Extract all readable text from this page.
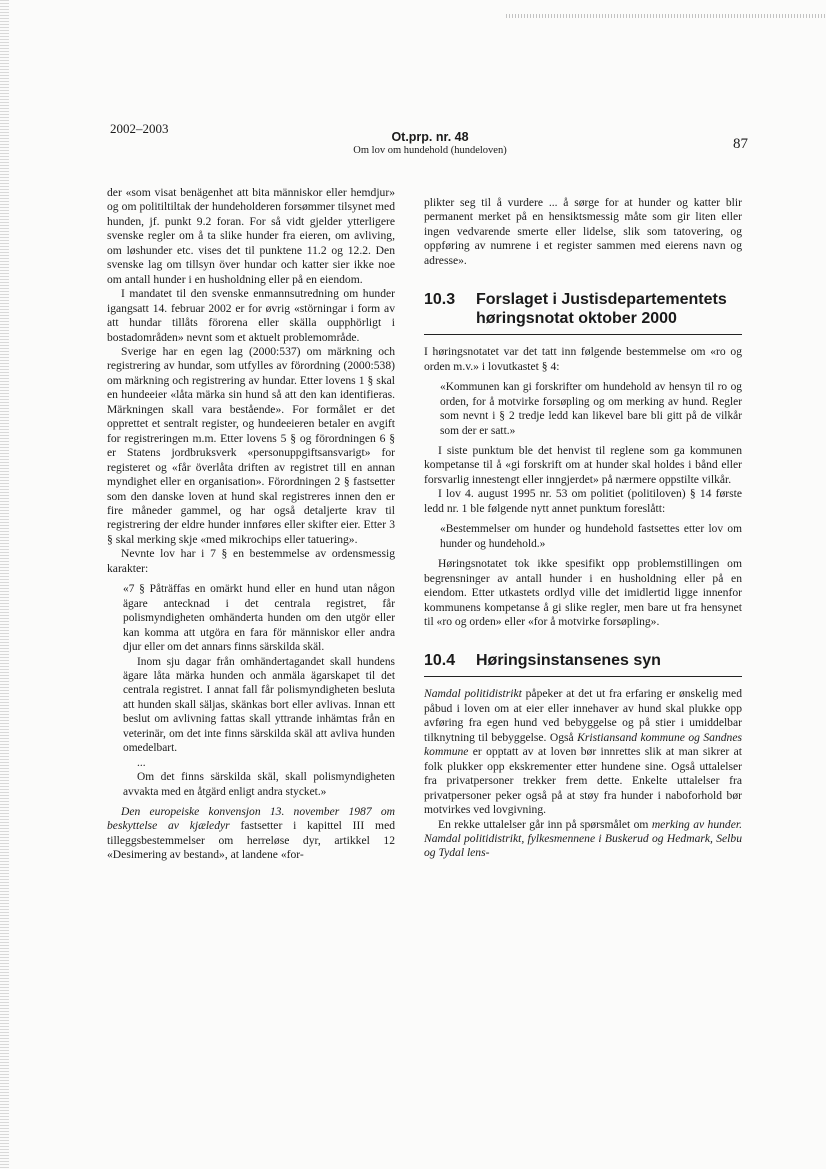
2002–2003
Ot.prp. nr. 48
Om lov om hundehold (hundeloven)	87

der «som visat benägenhet att bita människor eller hemdjur» og om politiltiltak der hundeholderen forsømmer tilsynet med hunden, jf. punkt 9.2 foran. For så vidt gjelder ytterligere svenske regler om å ta slike hunder fra eieren, om avliving, om løshunder etc. vises det til punktene 11.2 og 12.2. Den svenske lag om tillsyn över hundar och katter sier ikke noe om antall hunder i en husholdning eller på en eiendom.

I mandatet til den svenske enmannsutredning om hunder igangsatt 14. februar 2002 er for øvrig «störningar i form av att hundar tillåts förorena eller skälla oupphörligt i bostadområden» nevnt som et aktuelt problemområde.

Sverige har en egen lag (2000:537) om märkning och registrering av hundar, som utfylles av förordning (2000:538) om märkning och registrering av hundar. Etter lovens 1 § skal en hundeeier «låta märka sin hund så att den kan identifieras. Märkningen skall vara bestående». For formålet er det opprettet et sentralt register, og hundeeieren betaler en avgift for registreringen m.m. Etter lovens 5 § og förordningen 6 § er Statens jordbruksverk «personuppgiftsansvarigt» for registeret og «får överlåta driften av registret till en annan myndighet eller en organisation». Förordningen 2 § fastsetter som den danske loven at hund skal registreres innen den er fire måneder gammel, og har også detaljerte krav til registrering der eldre hunder innføres eller skifter eier. Etter 3 § skal merking skje «med mikrochips eller tatuering».

Nevnte lov har i 7 § en bestemmelse av ordensmessig karakter:

«7 § Påträffas en omärkt hund eller en hund utan någon ägare antecknad i det centrala registret, får polismyndigheten omhänderta hunden om den utgör eller kan komma att utgöra en fara för människor eller andra djur eller om det annars finns särskilda skäl.

Inom sju dagar från omhändertagandet skall hundens ägare låta märka hunden och anmäla ägarskapet til det centrala registret. I annat fall får polismyndigheten besluta att hunden skall säljas, skänkas bort eller avlivas. Innan ett beslut om avlivning fattas skall yttrande inhämtas från en veterinär, om det inte finns särskilda skäl att avliva hunden omedelbart.

...

Om det finns särskilda skäl, skall polismyndigheten avvakta med en åtgärd enligt andra stycket.»

Den europeiske konvensjon 13. november 1987 om beskyttelse av kjæledyr fastsetter i kapittel III med tilleggsbestemmelser om herreløse dyr, artikkel 12 «Desimering av bestand», at landene «for-

plikter seg til å vurdere ... å sørge for at hunder og katter blir permanent merket på en hensiktsmessig måte som gir liten eller ingen vedvarende smerte eller lidelse, slik som tatovering, og oppføring av numrene i et register sammen med eierens navn og adresse».

10.3 Forslaget i Justisdepartementets høringsnotat oktober 2000

I høringsnotatet var det tatt inn følgende bestemmelse om «ro og orden m.v.» i lovutkastet § 4:

«Kommunen kan gi forskrifter om hundehold av hensyn til ro og orden, for å motvirke forsøpling og om merking av hund. Regler som nevnt i § 2 tredje ledd kan likevel bare bli gitt på de vilkår som der er satt.»

I siste punktum ble det henvist til reglene som ga kommunen kompetanse til å «gi forskrift om at hunder skal holdes i bånd eller forsvarlig innestengt eller inngjerdet» på nærmere oppstilte vilkår.

I lov 4. august 1995 nr. 53 om politiet (politiloven) § 14 første ledd nr. 1 ble følgende nytt annet punktum foreslått:

«Bestemmelser om hunder og hundehold fastsettes etter lov om hunder og hundehold.»

Høringsnotatet tok ikke spesifikt opp problemstillingen om begrensninger av antall hunder i en husholdning eller på en eiendom. Etter utkastets ordlyd ville det imidlertid ligge innenfor kommunens kompetanse å gi slike regler, men bare ut fra hensynet til «ro og orden» eller «for å motvirke forsøpling».

10.4 Høringsinstansenes syn

Namdal politidistrikt påpeker at det ut fra erfaring er ønskelig med påbud i loven om at eier eller innehaver av hund skal plukke opp avføring fra egen hund ved bebyggelse og på stier i umiddelbar tilknytning til bebyggelse. Også Kristiansand kommune og Sandnes kommune er opptatt av at loven bør innrettes slik at man sikrer at folk plukker opp ekskrementer etter hundene sine. Også uttalelser fra privatpersoner trekker frem dette. Enkelte uttalelser fra privatpersoner peker også på at støy fra hunder i nabоforhold bør motvirkes ved lovgivning.

En rekke uttalelser går inn på spørsmålet om merking av hunder. Namdal politidistrikt, fylkesmennene i Buskerud og Hedmark, Selbu og Tydal lens-
